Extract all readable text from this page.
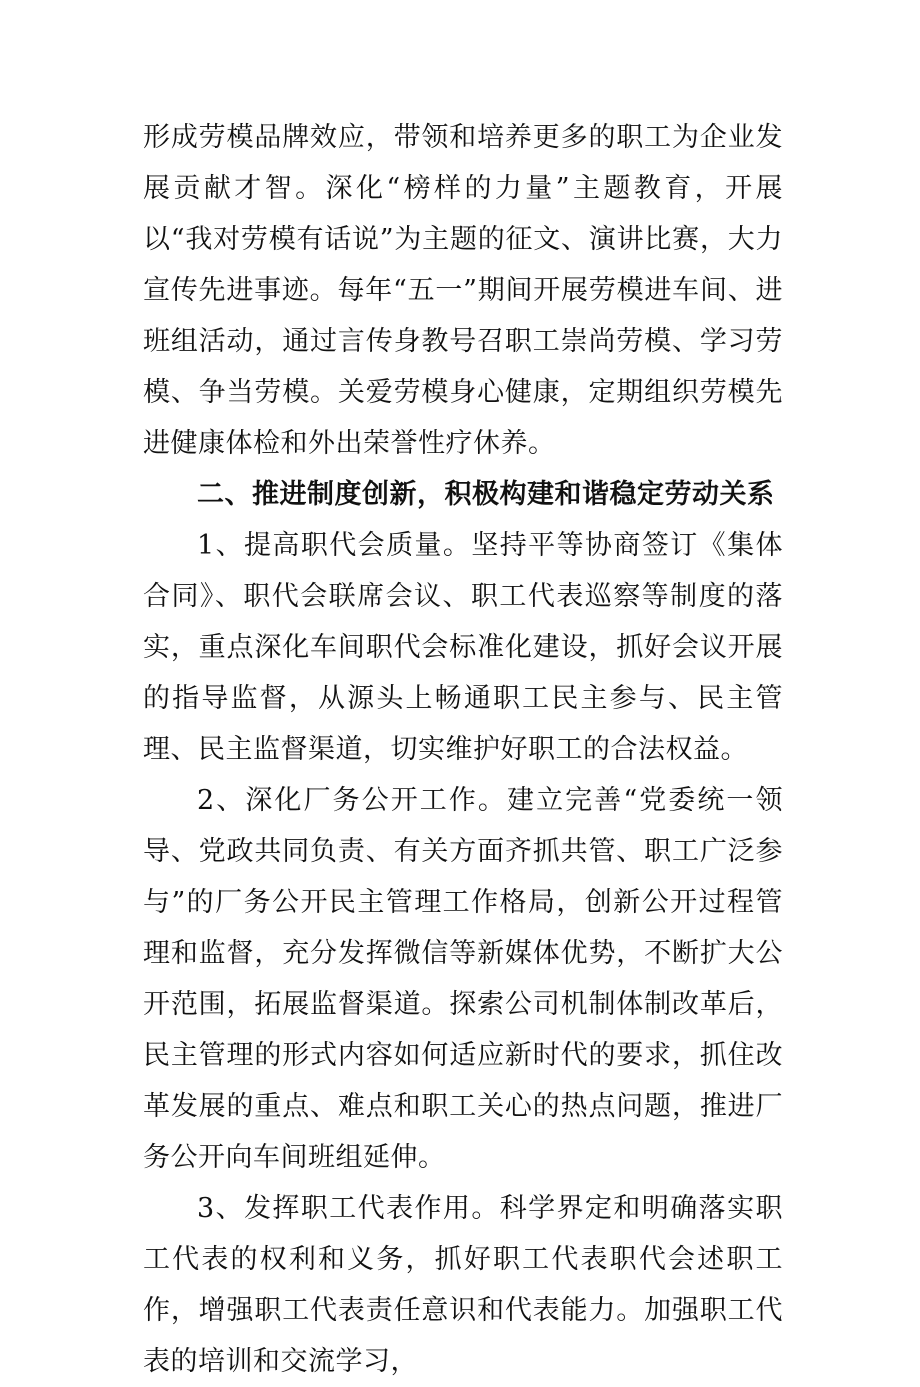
形成劳模品牌效应，带领和培养更多的职工为企业发展贡献才智。深化“榜样的力量”主题教育，开展以“我对劳模有话说”为主题的征文、演讲比赛，大力宣传先进事迹。每年“五一”期间开展劳模进车间、进班组活动，通过言传身教号召职工崇尚劳模、学习劳模、争当劳模。关爱劳模身心健康，定期组织劳模先进健康体检和外出荣誉性疗休养。

二、推进制度创新，积极构建和谐稳定劳动关系

1、提高职代会质量。坚持平等协商签订《集体合同》、职代会联席会议、职工代表巡察等制度的落实，重点深化车间职代会标准化建设，抓好会议开展的指导监督，从源头上畅通职工民主参与、民主管理、民主监督渠道，切实维护好职工的合法权益。

2、深化厂务公开工作。建立完善“党委统一领导、党政共同负责、有关方面齐抓共管、职工广泛参与”的厂务公开民主管理工作格局，创新公开过程管理和监督，充分发挥微信等新媒体优势，不断扩大公开范围，拓展监督渠道。探索公司机制体制改革后，民主管理的形式内容如何适应新时代的要求，抓住改革发展的重点、难点和职工关心的热点问题，推进厂务公开向车间班组延伸。

3、发挥职工代表作用。科学界定和明确落实职工代表的权利和义务，抓好职工代表职代会述职工作，增强职工代表责任意识和代表能力。加强职工代表的培训和交流学习，
